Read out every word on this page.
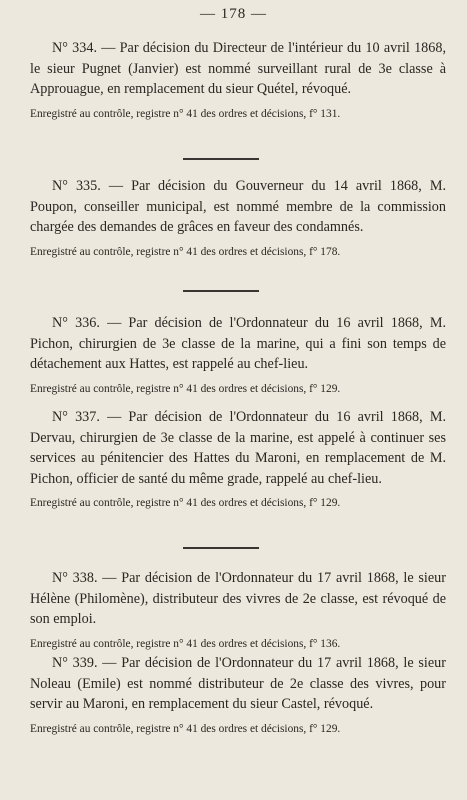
— 178 —

N° 334. — Par décision du Directeur de l'intérieur du 10 avril 1868, le sieur Pugnet (Janvier) est nommé surveillant rural de 3e classe à Approuague, en remplacement du sieur Quétel, révoqué.

Enregistré au contrôle, registre n° 41 des ordres et décisions, f° 131.

N° 335. — Par décision du Gouverneur du 14 avril 1868, M. Poupon, conseiller municipal, est nommé membre de la commission chargée des demandes de grâces en faveur des condamnés.

Enregistré au contrôle, registre n° 41 des ordres et décisions, f° 178.

N° 336. — Par décision de l'Ordonnateur du 16 avril 1868, M. Pichon, chirurgien de 3e classe de la marine, qui a fini son temps de détachement aux Hattes, est rappelé au chef-lieu.

Enregistré au contrôle, registre n° 41 des ordres et décisions, f° 129.

N° 337. — Par décision de l'Ordonnateur du 16 avril 1868, M. Dervau, chirurgien de 3e classe de la marine, est appelé à continuer ses services au pénitencier des Hattes du Maroni, en remplacement de M. Pichon, officier de santé du même grade, rappelé au chef-lieu.

Enregistré au contrôle, registre n° 41 des ordres et décisions, f° 129.

N° 338. — Par décision de l'Ordonnateur du 17 avril 1868, le sieur Hélène (Philomène), distributeur des vivres de 2e classe, est révoqué de son emploi.

Enregistré au contrôle, registre n° 41 des ordres et décisions, f° 136.

N° 339. — Par décision de l'Ordonnateur du 17 avril 1868, le sieur Noleau (Emile) est nommé distributeur de 2e classe des vivres, pour servir au Maroni, en remplacement du sieur Castel, révoqué.

Enregistré au contrôle, registre n° 41 des ordres et décisions, f° 129.
